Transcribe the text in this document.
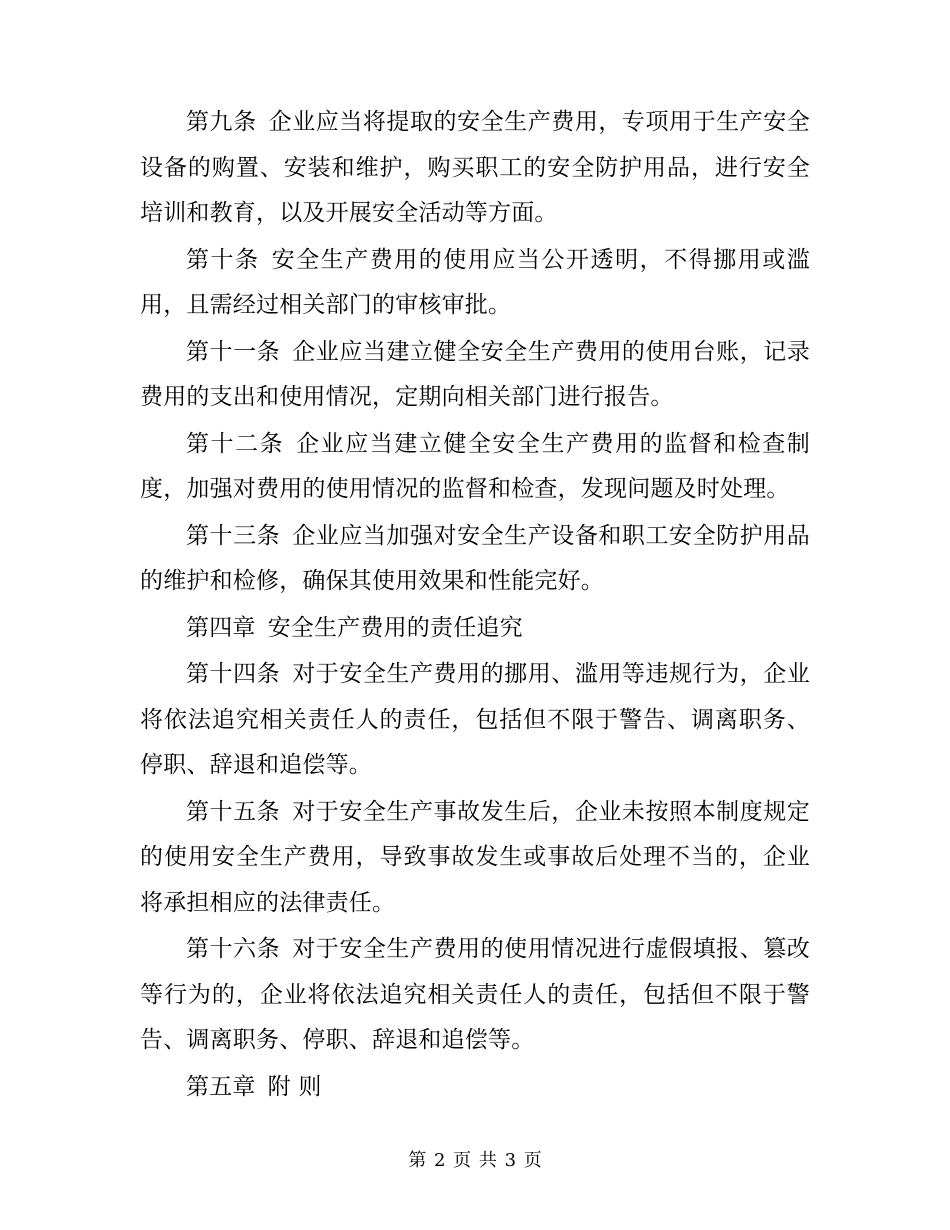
第九条 企业应当将提取的安全生产费用，专项用于生产安全设备的购置、安装和维护，购买职工的安全防护用品，进行安全培训和教育，以及开展安全活动等方面。

第十条 安全生产费用的使用应当公开透明，不得挪用或滥用，且需经过相关部门的审核审批。

第十一条 企业应当建立健全安全生产费用的使用台账，记录费用的支出和使用情况，定期向相关部门进行报告。

第十二条 企业应当建立健全安全生产费用的监督和检查制度，加强对费用的使用情况的监督和检查，发现问题及时处理。

第十三条 企业应当加强对安全生产设备和职工安全防护用品的维护和检修，确保其使用效果和性能完好。

第四章 安全生产费用的责任追究

第十四条 对于安全生产费用的挪用、滥用等违规行为，企业将依法追究相关责任人的责任，包括但不限于警告、调离职务、停职、辞退和追偿等。

第十五条 对于安全生产事故发生后，企业未按照本制度规定的使用安全生产费用，导致事故发生或事故后处理不当的，企业将承担相应的法律责任。

第十六条 对于安全生产费用的使用情况进行虚假填报、篡改等行为的，企业将依法追究相关责任人的责任，包括但不限于警告、调离职务、停职、辞退和追偿等。

第五章 附 则

第 2 页 共 3 页
